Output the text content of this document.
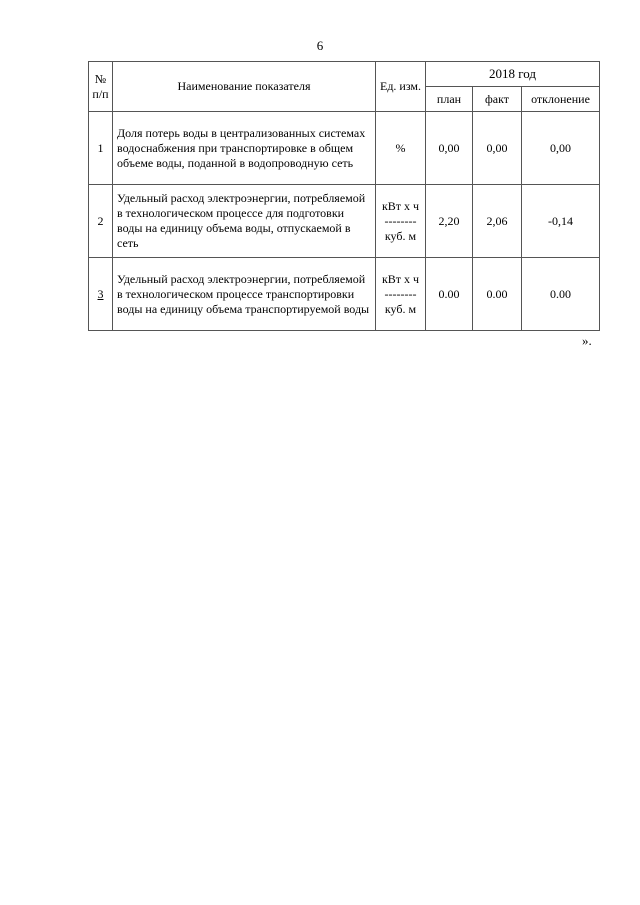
6
№ п/п	Наименование показателя	Ед. изм.	2018 год		
			план	факт	отклонение
1	Доля потерь воды в централизованных системах водоснабжения при транспортировке в общем объеме воды, поданной в водопроводную сеть	%	0,00	0,00	0,00
2	Удельный расход электроэнергии, потребляемой в технологическом процессе для подготовки воды на единицу объема воды, отпускаемой в сеть	кВт х ч
--------
куб. м	2,20	2,06	-0,14
3	Удельный расход электроэнергии, потребляемой в технологическом процессе транспортировки воды на единицу объема транспортируемой воды	кВт х ч
--------
куб. м	0.00	0.00	0.00
».
